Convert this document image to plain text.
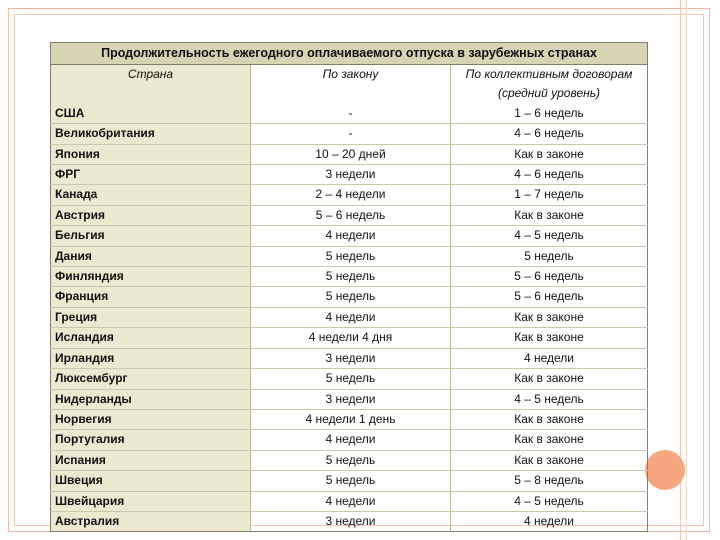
Продолжительность ежегодного оплачиваемого отпуска в зарубежных странах		
Страна	По закону	По коллективным договорам
		(средний уровень)
США	-	1 – 6 недель
Великобритания	-	4 – 6 недель
Япония	10 – 20 дней	Как в законе
ФРГ	3 недели	4 – 6 недель
Канада	2 – 4 недели	1 – 7 недель
Австрия	5 – 6 недель	Как в законе
Бельгия	4 недели	4 – 5 недель
Дания	5 недель	5 недель
Финляндия	5 недель	5 – 6 недель
Франция	5 недель	5 – 6 недель
Греция	4 недели	Как в законе
Исландия	4 недели 4 дня	Как в законе
Ирландия	3 недели	4 недели
Люксембург	5 недель	Как в законе
Нидерланды	3 недели	4 – 5 недель
Норвегия	4 недели 1 день	Как в законе
Португалия	4 недели	Как в законе
Испания	5 недель	Как в законе
Швеция	5 недель	5 – 8 недель
Швейцария	4 недели	4 – 5 недель
Австралия	3 недели	4 недели
